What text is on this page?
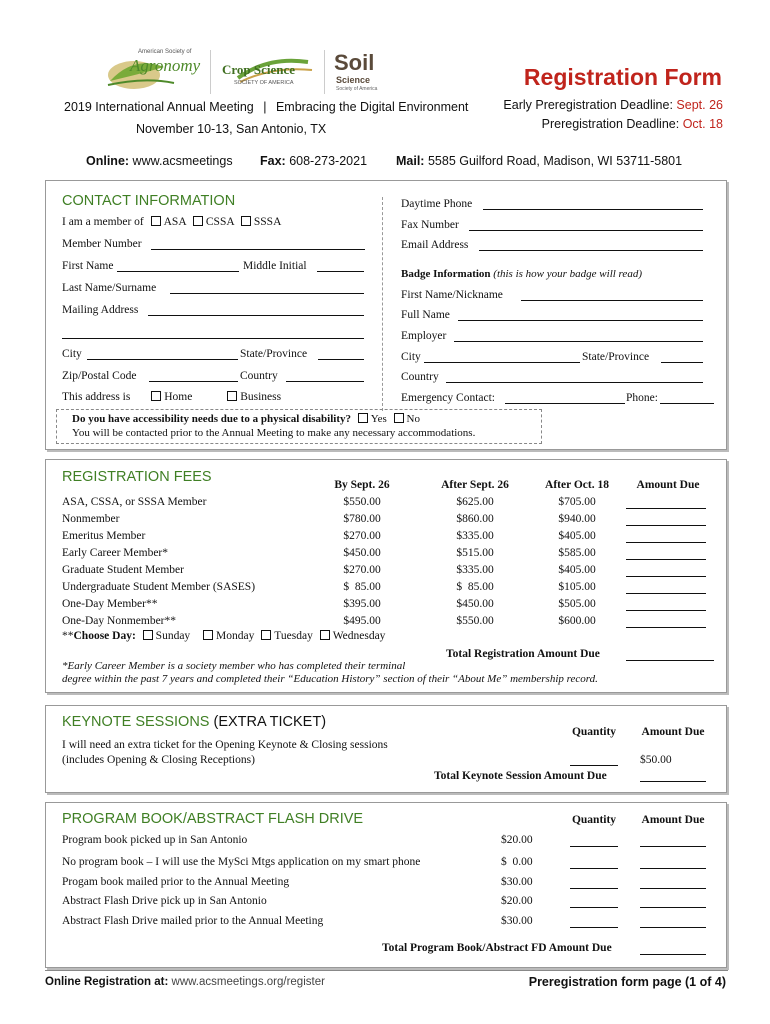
American Society of
Agronomy Crop Science
SOCIETY OF AMERICA
Soil
Science
Society of America	Registration Form
2019 International Annual Meeting | Embracing the Digital Environment
November 10-13, San Antonio, TX
Early Preregistration Deadline: Sept. 26
Preregistration Deadline: Oct. 18
Online: www.acsmeetings Fax: 608-273-2021 Mail: 5585 Guilford Road, Madison, WI 53711-5801
CONTACT INFORMATION
I am a member of ASA CSSA SSSA
Member Number
First Name	Middle Initial
Last Name/Surname
Mailing Address
City	State/Province
Zip/Postal Code	Country
This address is	Home	Business
Daytime Phone
Fax Number
Email Address
Badge Information (this is how your badge will read)
First Name/Nickname
Full Name
Employer
City	State/Province
Country
Emergency Contact:	Phone:
Do you have accessibility needs due to a physical disability? Yes No
You will be contacted prior to the Annual Meeting to make any necessary accommodations.
REGISTRATION FEES	By Sept. 26	After Sept. 26	After Oct. 18	Amount Due
ASA, CSSA, or SSSA Member	$550.00	$625.00	$705.00
Nonmember	$780.00	$860.00	$940.00
Emeritus Member	$270.00	$335.00	$405.00
Early Career Member*	$450.00	$515.00	$585.00
Graduate Student Member	$270.00	$335.00	$405.00
Undergraduate Student Member (SASES)	$  85.00	$  85.00	$105.00
One-Day Member**	$395.00	$450.00	$505.00
One-Day Nonmember**	$495.00	$550.00	$600.00
**Choose Day: Sunday Monday Tuesday Wednesday
Total Registration Amount Due
*Early Career Member is a society member who has completed their terminal
degree within the past 7 years and completed their “Education History” section of their “About Me” membership record.
KEYNOTE SESSIONS (EXTRA TICKET)
Quantity	Amount Due
I will need an extra ticket for the Opening Keynote & Closing sessions
(includes Opening & Closing Receptions)	$50.00
Total Keynote Session Amount Due
PROGRAM BOOK/ABSTRACT FLASH DRIVE	Quantity	Amount Due
Program book picked up in San Antonio	$20.00
No program book – I will use the MySci Mtgs application on my smart phone	$  0.00
Progam book mailed prior to the Annual Meeting	$30.00
Abstract Flash Drive pick up in San Antonio	$20.00
Abstract Flash Drive mailed prior to the Annual Meeting	$30.00
Total Program Book/Abstract FD Amount Due
Online Registration at: www.acsmeetings.org/register	Preregistration form page (1 of 4)
